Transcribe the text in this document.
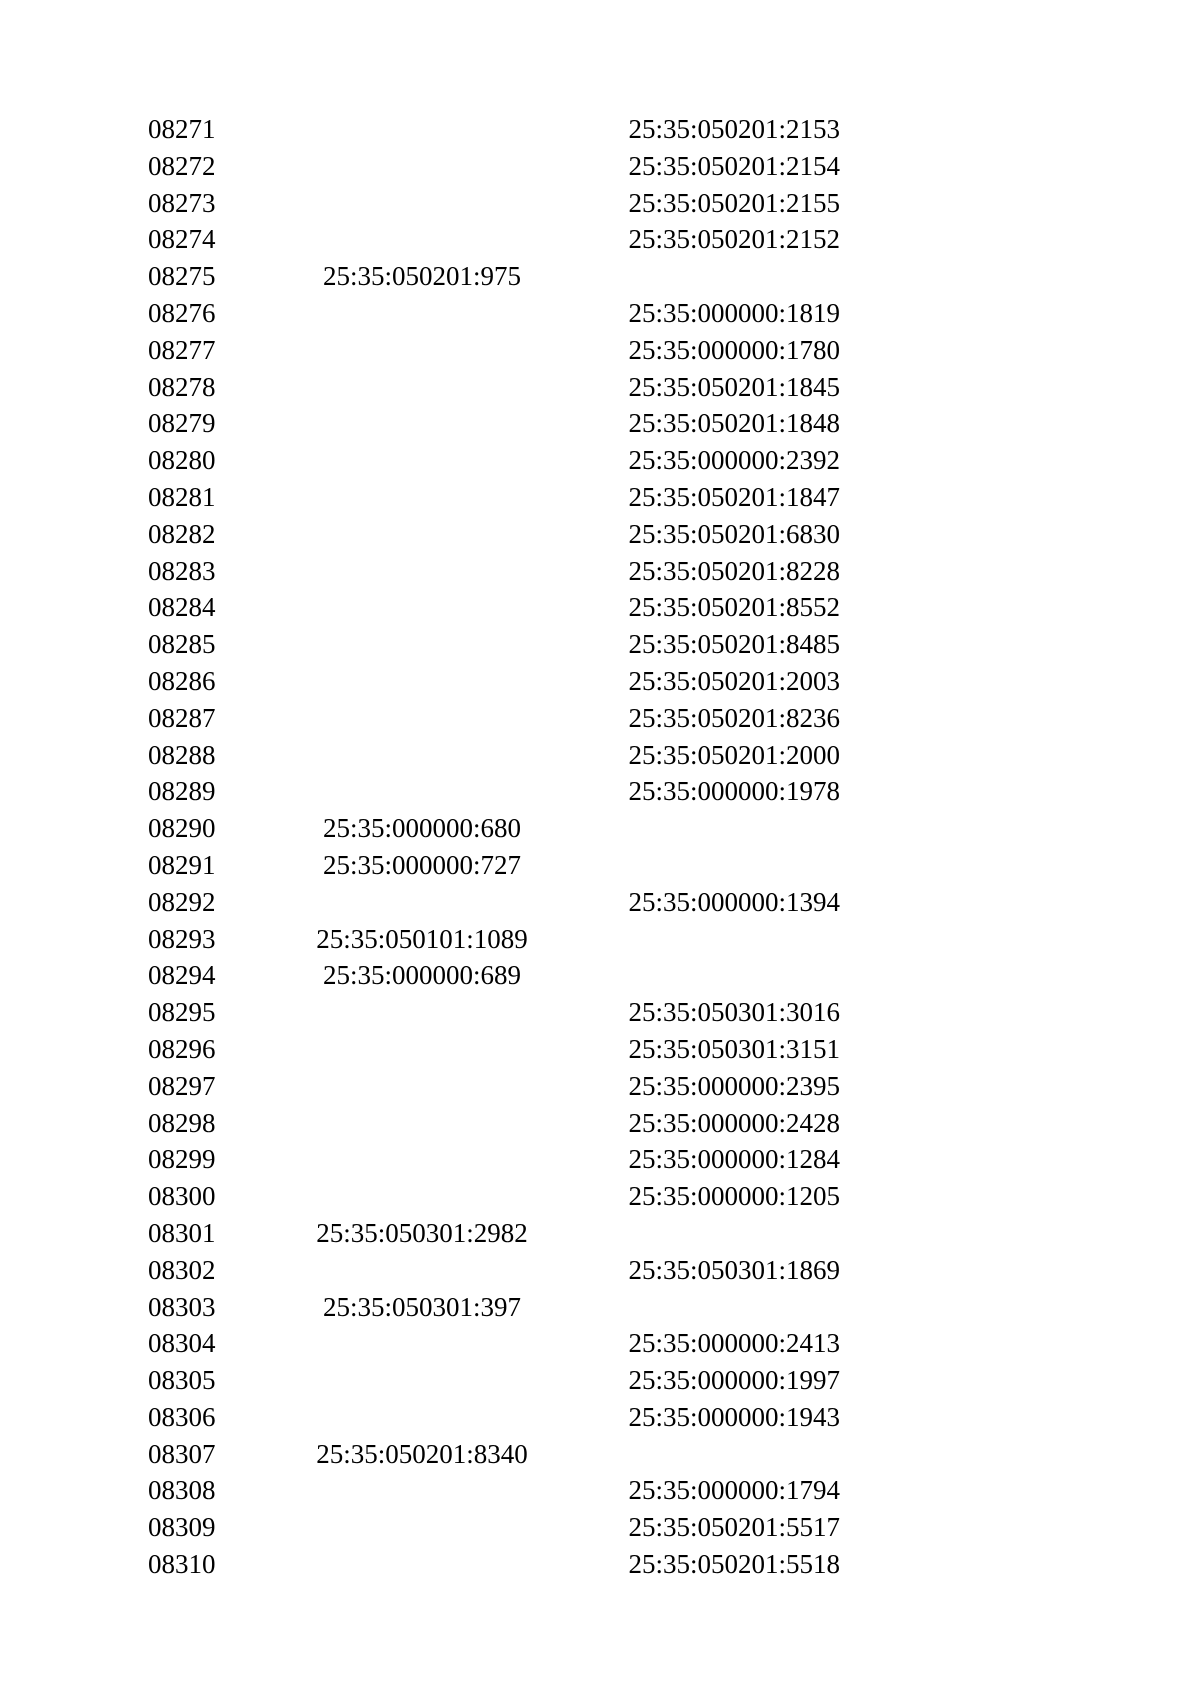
08271		25:35:050201:2153
08272		25:35:050201:2154
08273		25:35:050201:2155
08274		25:35:050201:2152
08275	25:35:050201:975	
08276		25:35:000000:1819
08277		25:35:000000:1780
08278		25:35:050201:1845
08279		25:35:050201:1848
08280		25:35:000000:2392
08281		25:35:050201:1847
08282		25:35:050201:6830
08283		25:35:050201:8228
08284		25:35:050201:8552
08285		25:35:050201:8485
08286		25:35:050201:2003
08287		25:35:050201:8236
08288		25:35:050201:2000
08289		25:35:000000:1978
08290	25:35:000000:680	
08291	25:35:000000:727	
08292		25:35:000000:1394
08293	25:35:050101:1089	
08294	25:35:000000:689	
08295		25:35:050301:3016
08296		25:35:050301:3151
08297		25:35:000000:2395
08298		25:35:000000:2428
08299		25:35:000000:1284
08300		25:35:000000:1205
08301	25:35:050301:2982	
08302		25:35:050301:1869
08303	25:35:050301:397	
08304		25:35:000000:2413
08305		25:35:000000:1997
08306		25:35:000000:1943
08307	25:35:050201:8340	
08308		25:35:000000:1794
08309		25:35:050201:5517
08310		25:35:050201:5518
